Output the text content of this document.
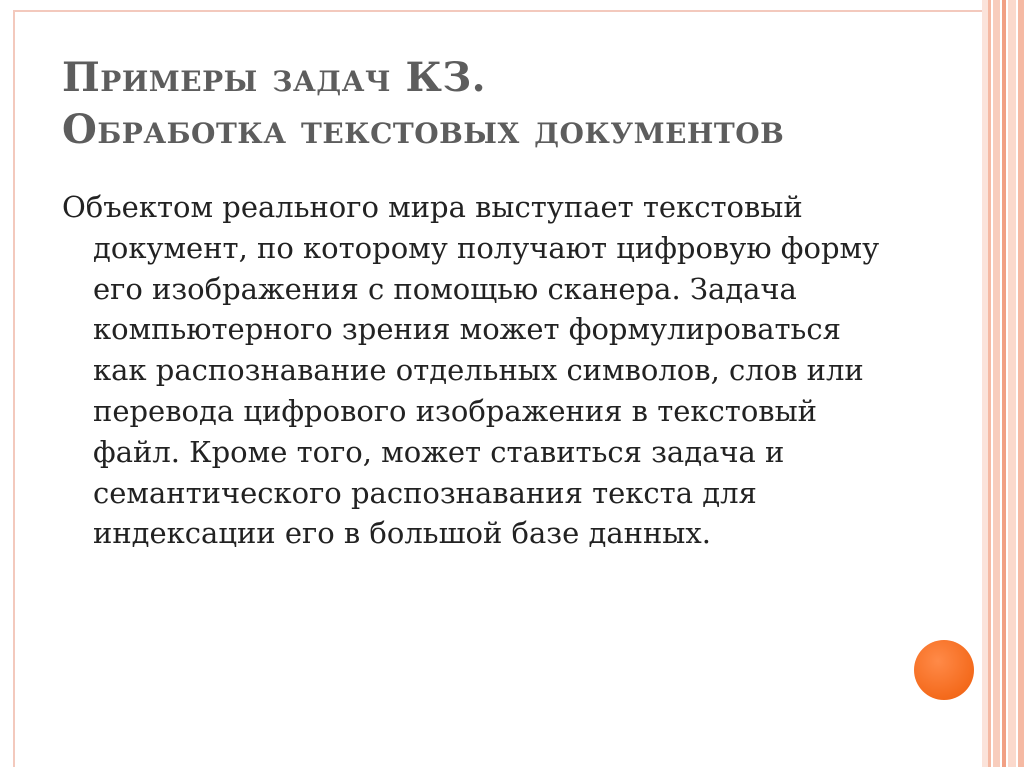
Примеры задач КЗ.
Обработка текстовых документов

Объектом реального мира выступает текстовый документ, по которому получают цифровую форму его изображения с помощью сканера. Задача компьютерного зрения может формулироваться как распознавание отдельных символов, слов или перевода цифрового изображения в текстовый файл. Кроме того, может ставиться задача и семантического распознавания текста для индексации его в большой базе данных.
